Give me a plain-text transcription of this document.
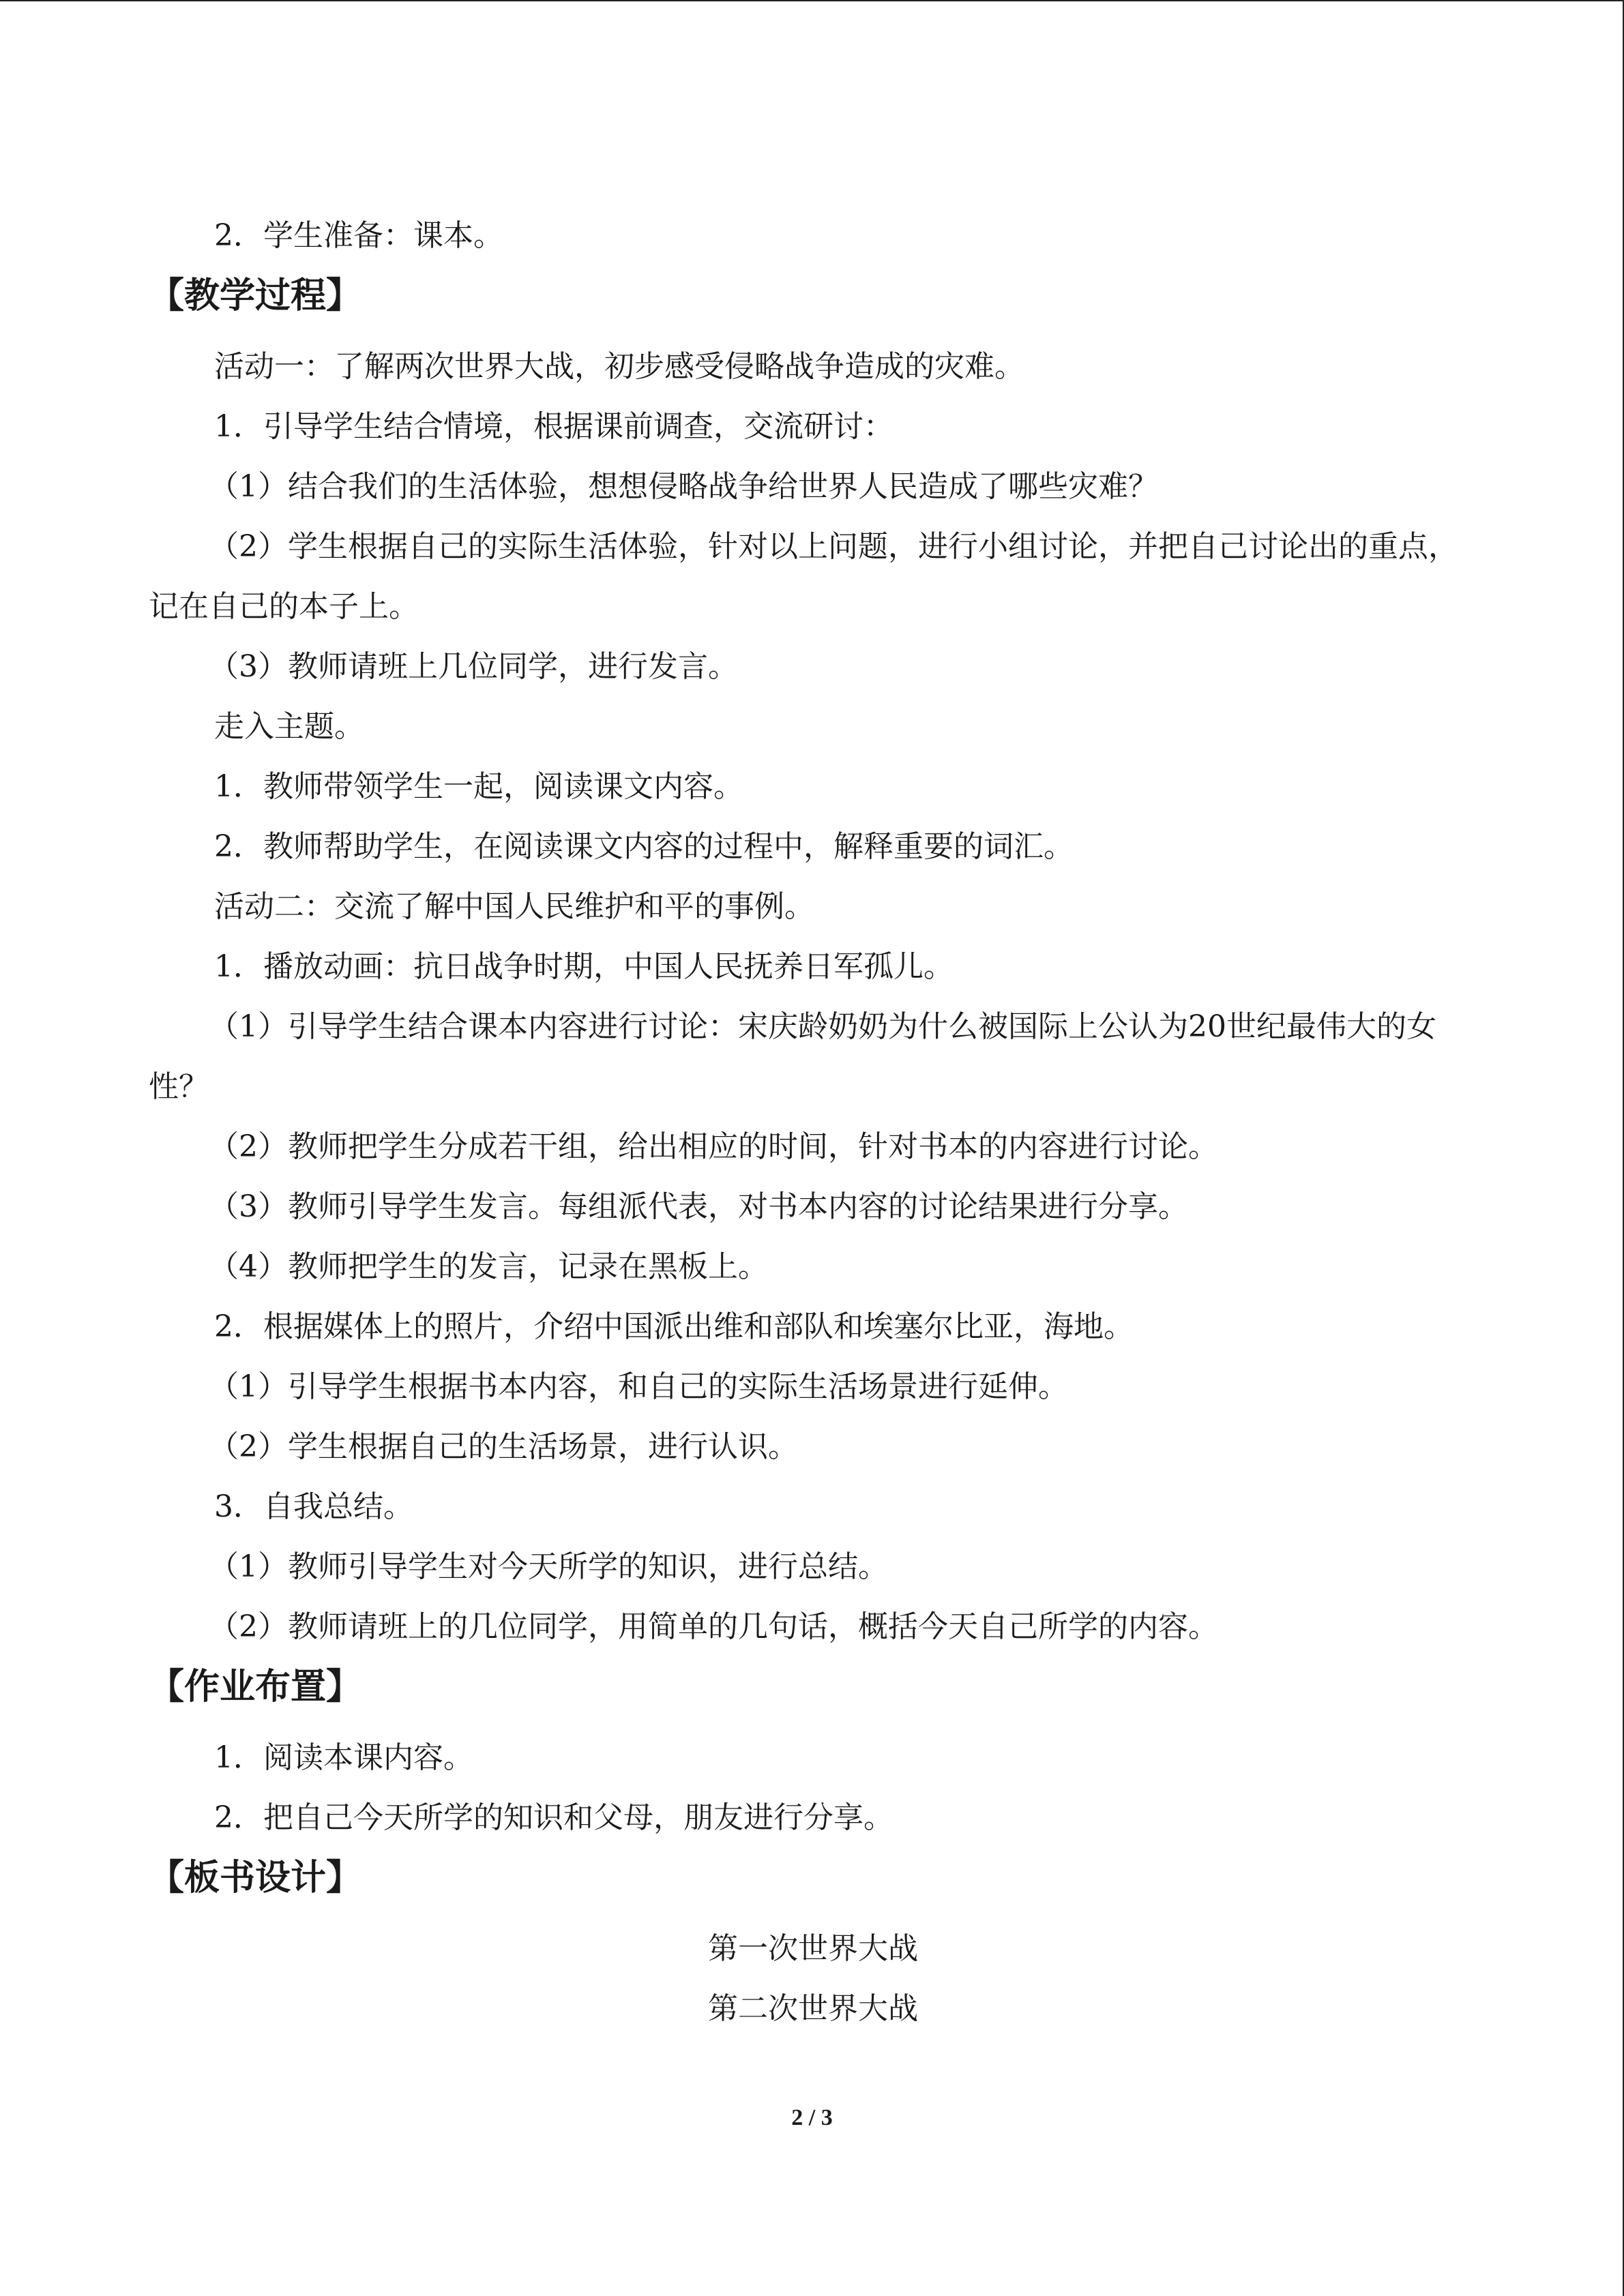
2．学生准备：课本。

【教学过程】

活动一：了解两次世界大战，初步感受侵略战争造成的灾难。

1．引导学生结合情境，根据课前调查，交流研讨：

（1）结合我们的生活体验，想想侵略战争给世界人民造成了哪些灾难？

（2）学生根据自己的实际生活体验，针对以上问题，进行小组讨论，并把自己讨论出的重点，记在自己的本子上。

（3）教师请班上几位同学，进行发言。

走入主题。

1．教师带领学生一起，阅读课文内容。

2．教师帮助学生，在阅读课文内容的过程中，解释重要的词汇。

活动二：交流了解中国人民维护和平的事例。

1．播放动画：抗日战争时期，中国人民抚养日军孤儿。

（1）引导学生结合课本内容进行讨论：宋庆龄奶奶为什么被国际上公认为20世纪最伟大的女性？

（2）教师把学生分成若干组，给出相应的时间，针对书本的内容进行讨论。

（3）教师引导学生发言。每组派代表，对书本内容的讨论结果进行分享。

（4）教师把学生的发言，记录在黑板上。

2．根据媒体上的照片，介绍中国派出维和部队和埃塞尔比亚，海地。

（1）引导学生根据书本内容，和自己的实际生活场景进行延伸。

（2）学生根据自己的生活场景，进行认识。

3．自我总结。

（1）教师引导学生对今天所学的知识，进行总结。

（2）教师请班上的几位同学，用简单的几句话，概括今天自己所学的内容。

【作业布置】

1．阅读本课内容。

2．把自己今天所学的知识和父母，朋友进行分享。

【板书设计】

第一次世界大战

第二次世界大战

2 / 3
